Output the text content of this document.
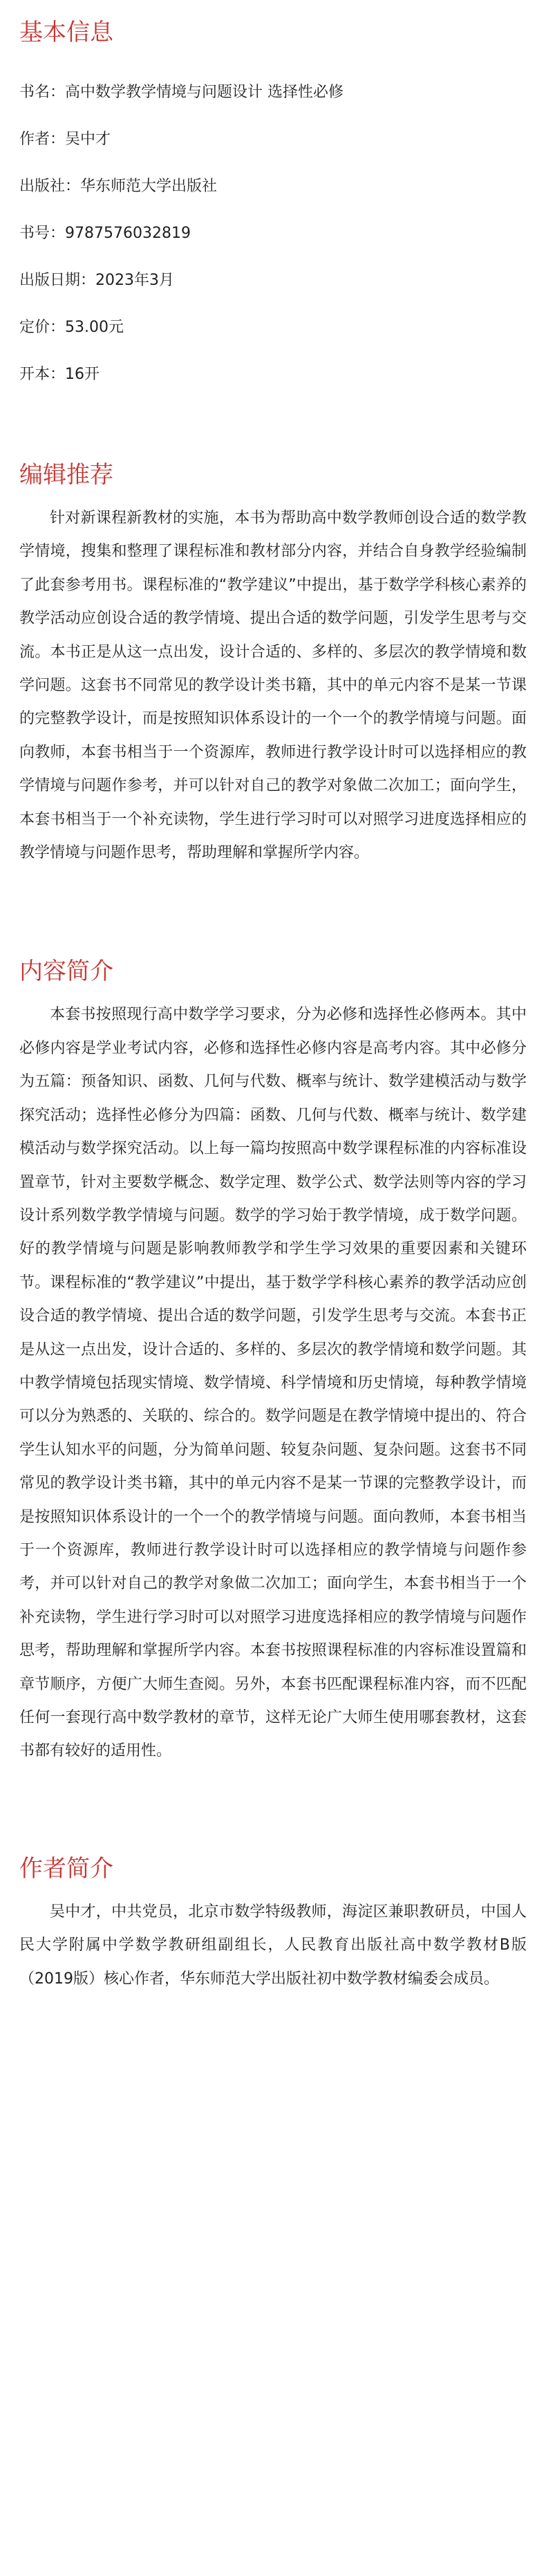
基本信息
书名：高中数学教学情境与问题设计 选择性必修
作者：吴中才
出版社：华东师范大学出版社
书号：9787576032819
出版日期：2023年3月
定价：53.00元
开本：16开
编辑推荐

针对新课程新教材的实施，本书为帮助高中数学教师创设合适的数学教学情境，搜集和整理了课程标准和教材部分内容，并结合自身教学经验编制了此套参考用书。课程标准的“教学建议”中提出，基于数学学科核心素养的教学活动应创设合适的教学情境、提出合适的数学问题，引发学生思考与交流。本书正是从这一点出发，设计合适的、多样的、多层次的教学情境和数学问题。这套书不同常见的教学设计类书籍，其中的单元内容不是某一节课的完整教学设计，而是按照知识体系设计的一个一个的教学情境与问题。面向教师，本套书相当于一个资源库，教师进行教学设计时可以选择相应的教学情境与问题作参考，并可以针对自己的教学对象做二次加工；面向学生，本套书相当于一个补充读物，学生进行学习时可以对照学习进度选择相应的教学情境与问题作思考，帮助理解和掌握所学内容。

内容简介

本套书按照现行高中数学学习要求，分为必修和选择性必修两本。其中必修内容是学业考试内容，必修和选择性必修内容是高考内容。其中必修分为五篇：预备知识、函数、几何与代数、概率与统计、数学建模活动与数学探究活动；选择性必修分为四篇：函数、几何与代数、概率与统计、数学建模活动与数学探究活动。以上每一篇均按照高中数学课程标准的内容标准设置章节，针对主要数学概念、数学定理、数学公式、数学法则等内容的学习设计系列数学教学情境与问题。数学的学习始于教学情境，成于数学问题。好的教学情境与问题是影响教师教学和学生学习效果的重要因素和关键环节。课程标准的“教学建议”中提出，基于数学学科核心素养的教学活动应创设合适的教学情境、提出合适的数学问题，引发学生思考与交流。本套书正是从这一点出发，设计合适的、多样的、多层次的教学情境和数学问题。其中教学情境包括现实情境、数学情境、科学情境和历史情境，每种教学情境可以分为熟悉的、关联的、综合的。数学问题是在教学情境中提出的、符合学生认知水平的问题，分为简单问题、较复杂问题、复杂问题。这套书不同常见的教学设计类书籍，其中的单元内容不是某一节课的完整教学设计，而是按照知识体系设计的一个一个的教学情境与问题。面向教师，本套书相当于一个资源库，教师进行教学设计时可以选择相应的教学情境与问题作参考，并可以针对自己的教学对象做二次加工；面向学生，本套书相当于一个补充读物，学生进行学习时可以对照学习进度选择相应的教学情境与问题作思考，帮助理解和掌握所学内容。本套书按照课程标准的内容标准设置篇和章节顺序，方便广大师生查阅。另外，本套书匹配课程标准内容，而不匹配任何一套现行高中数学教材的章节，这样无论广大师生使用哪套教材，这套书都有较好的适用性。

作者简介

吴中才，中共党员，北京市数学特级教师，海淀区兼职教研员，中国人民大学附属中学数学教研组副组长，人民教育出版社高中数学教材B版（2019版）核心作者，华东师范大学出版社初中数学教材编委会成员。
